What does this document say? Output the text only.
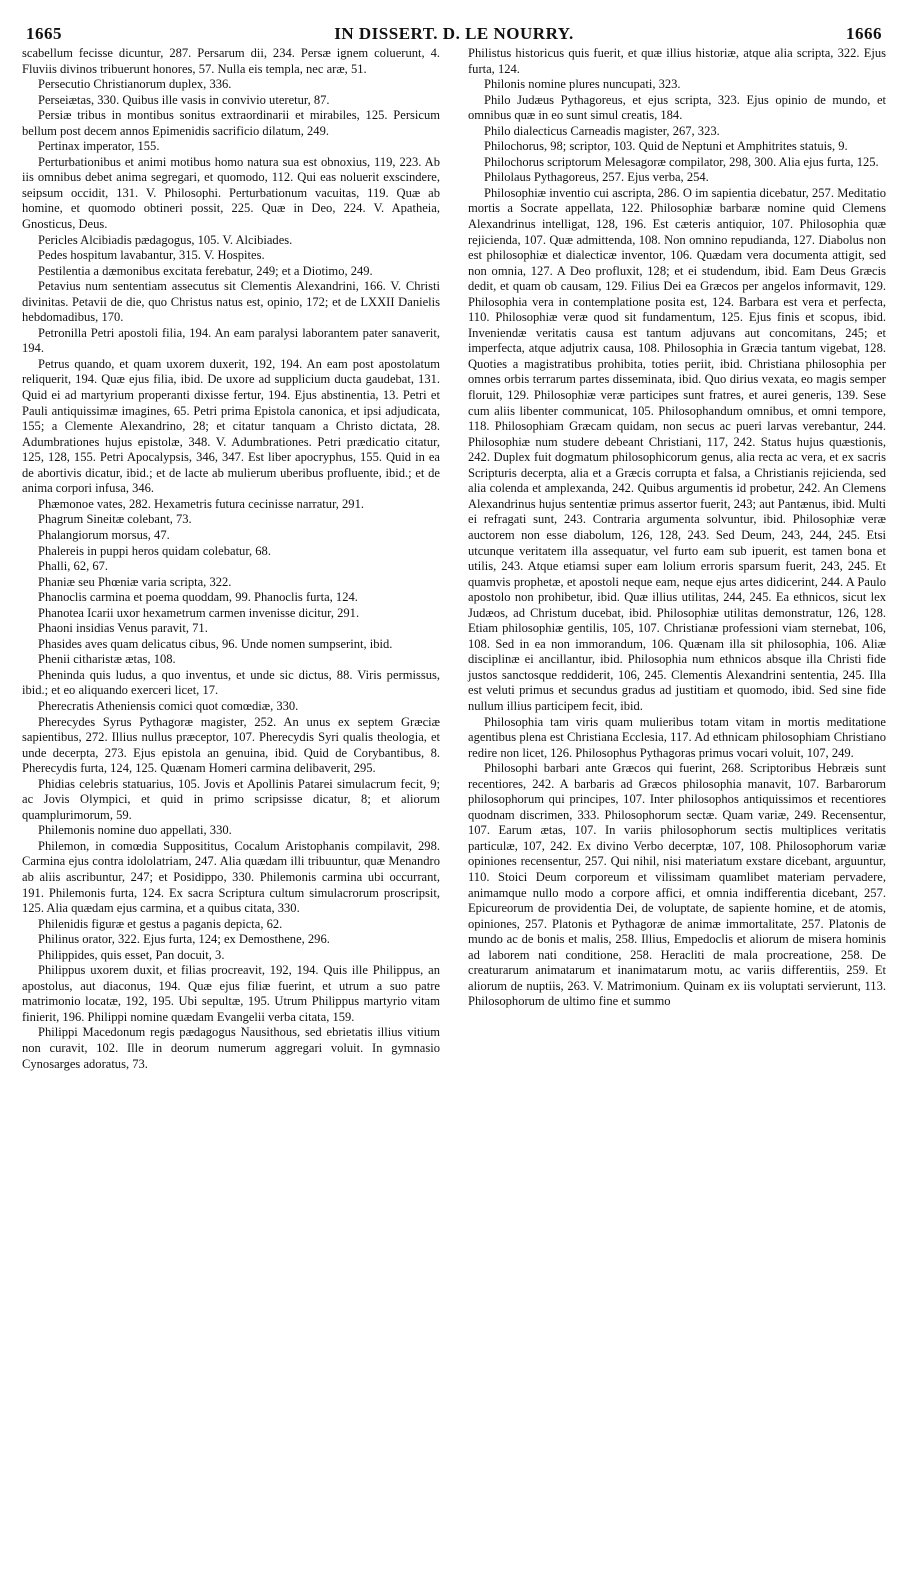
1665	IN DISSERT. D. LE NOURRY.	1666

scabellum fecisse dicuntur, 287. Persarum dii, 234. Persæ ignem coluerunt, 4. Fluviis divinos tribuerunt honores, 57. Nulla eis templa, nec aræ, 51.

Persecutio Christianorum duplex, 336.

Perseiætas, 330. Quibus ille vasis in convivio uteretur, 87.

Persiæ tribus in montibus sonitus extraordinarii et mirabiles, 125. Persicum bellum post decem annos Epimenidis sacrificio dilatum, 249.

Pertinax imperator, 155.

Perturbationibus et animi motibus homo natura sua est obnoxius, 119, 223. Ab iis omnibus debet anima segregari, et quomodo, 112. Qui eas noluerit exscindere, seipsum occidit, 131. V. Philosophi. Perturbationum vacuitas, 119. Quæ ab homine, et quomodo obtineri possit, 225. Quæ in Deo, 224. V. Apatheia, Gnosticus, Deus.

Pericles Alcibiadis pædagogus, 105. V. Alcibiades.

Pedes hospitum lavabantur, 315. V. Hospites.

Pestilentia a dæmonibus excitata ferebatur, 249; et a Diotimo, 249.

Petavius num sententiam assecutus sit Clementis Alexandrini, 166. V. Christi divinitas. Petavii de die, quo Christus natus est, opinio, 172; et de LXXII Danielis hebdomadibus, 170.

Petronilla Petri apostoli filia, 194. An eam paralysi laborantem pater sanaverit, 194.

Petrus quando, et quam uxorem duxerit, 192, 194. An eam post apostolatum reliquerit, 194. Quæ ejus filia, ibid. De uxore ad supplicium ducta gaudebat, 131. Quid ei ad martyrium properanti dixisse fertur, 194. Ejus abstinentia, 13. Petri et Pauli antiquissimæ imagines, 65. Petri prima Epistola canonica, et ipsi adjudicata, 155; a Clemente Alexandrino, 28; et citatur tanquam a Christo dictata, 28. Adumbrationes hujus epistolæ, 348. V. Adumbrationes. Petri prædicatio citatur, 125, 128, 155. Petri Apocalypsis, 346, 347. Est liber apocryphus, 155. Quid in ea de abortivis dicatur, ibid.; et de lacte ab mulierum uberibus profluente, ibid.; et de anima corpori infusa, 346.

Phæmonoe vates, 282. Hexametris futura cecinisse narratur, 291.

Phagrum Sineitæ colebant, 73.

Phalangiorum morsus, 47.

Phalereis in puppi heros quidam colebatur, 68.

Phalli, 62, 67.

Phaniæ seu Phœniæ varia scripta, 322.

Phanoclis carmina et poema quoddam, 99. Phanoclis furta, 124.

Phanotea Icarii uxor hexametrum carmen invenisse dicitur, 291.

Phaoni insidias Venus paravit, 71.

Phasides aves quam delicatus cibus, 96. Unde nomen sumpserint, ibid.

Phenii citharistæ ætas, 108.

Pheninda quis ludus, a quo inventus, et unde sic dictus, 88. Viris permissus, ibid.; et eo aliquando exerceri licet, 17.

Pherecratis Atheniensis comici quot comœdiæ, 330.

Pherecydes Syrus Pythagoræ magister, 252. An unus ex septem Græciæ sapientibus, 272. Illius nullus præceptor, 107. Pherecydis Syri qualis theologia, et unde decerpta, 273. Ejus epistola an genuina, ibid. Quid de Corybantibus, 8. Pherecydis furta, 124, 125. Quænam Homeri carmina delibaverit, 295.

Phidias celebris statuarius, 105. Jovis et Apollinis Patarei simulacrum fecit, 9; ac Jovis Olympici, et quid in primo scripsisse dicatur, 8; et aliorum quamplurimorum, 59.

Philemonis nomine duo appellati, 330.

Philemon, in comœdia Supposititus, Cocalum Aristophanis compilavit, 298. Carmina ejus contra idololatriam, 247. Alia quædam illi tribuuntur, quæ Menandro ab aliis ascribuntur, 247; et Posidippo, 330. Philemonis carmina ubi occurrant, 191. Philemonis furta, 124. Ex sacra Scriptura cultum simulacrorum proscripsit, 125. Alia quædam ejus carmina, et a quibus citata, 330.

Philenidis figuræ et gestus a paganis depicta, 62.

Philinus orator, 322. Ejus furta, 124; ex Demosthene, 296.

Philippides, quis esset, Pan docuit, 3.

Philippus uxorem duxit, et filias procreavit, 192, 194. Quis ille Philippus, an apostolus, aut diaconus, 194. Quæ ejus filiæ fuerint, et utrum a suo patre matrimonio locatæ, 192, 195. Ubi sepultæ, 195. Utrum Philippus martyrio vitam finierit, 196. Philippi nomine quædam Evangelii verba citata, 159.

Philippi Macedonum regis pædagogus Nausithous, sed ebrietatis illius vitium non curavit, 102. Ille in deorum numerum aggregari voluit. In gymnasio Cynosarges adoratus, 73.

Philistus historicus quis fuerit, et quæ illius historiæ, atque alia scripta, 322. Ejus furta, 124.

Philonis nomine plures nuncupati, 323.

Philo Judæus Pythagoreus, et ejus scripta, 323. Ejus opinio de mundo, et omnibus quæ in eo sunt simul creatis, 184.

Philo dialecticus Carneadis magister, 267, 323.

Philochorus, 98; scriptor, 103. Quid de Neptuni et Amphitrites statuis, 9.

Philochorus scriptorum Melesagoræ compilator, 298, 300. Alia ejus furta, 125.

Philolaus Pythagoreus, 257. Ejus verba, 254.

Philosophiæ inventio cui ascripta, 286. O im sapientia dicebatur, 257. Meditatio mortis a Socrate appellata, 122. Philosophiæ barbaræ nomine quid Clemens Alexandrinus intelligat, 128, 196. Est cæteris antiquior, 107. Philosophia quæ rejicienda, 107. Quæ admittenda, 108. Non omnino repudianda, 127. Diabolus non est philosophiæ et dialecticæ inventor, 106. Quædam vera documenta attigit, sed non omnia, 127. A Deo profluxit, 128; et ei studendum, ibid. Eam Deus Græcis dedit, et quam ob causam, 129. Filius Dei ea Græcos per angelos informavit, 129. Philosophia vera in contemplatione posita est, 124. Barbara est vera et perfecta, 110. Philosophiæ veræ quod sit fundamentum, 125. Ejus finis et scopus, ibid. Inveniendæ veritatis causa est tantum adjuvans aut concomitans, 245; et imperfecta, atque adjutrix causa, 108. Philosophia in Græcia tantum vigebat, 128. Quoties a magistratibus prohibita, toties periit, ibid. Christiana philosophia per omnes orbis terrarum partes disseminata, ibid. Quo dirius vexata, eo magis semper floruit, 129. Philosophiæ veræ participes sunt fratres, et aurei generis, 139. Sese cum aliis libenter communicat, 105. Philosophandum omnibus, et omni tempore, 118. Philosophiam Græcam quidam, non secus ac pueri larvas verebantur, 244. Philosophiæ num studere debeant Christiani, 117, 242. Status hujus quæstionis, 242. Duplex fuit dogmatum philosophicorum genus, alia recta ac vera, et ex sacris Scripturis decerpta, alia et a Græcis corrupta et falsa, a Christianis rejicienda, sed alia colenda et amplexanda, 242. Quibus argumentis id probetur, 242. An Clemens Alexandrinus hujus sententiæ primus assertor fuerit, 243; aut Pantænus, ibid. Multi ei refragati sunt, 243. Contraria argumenta solvuntur, ibid. Philosophiæ veræ auctorem non esse diabolum, 126, 128, 243. Sed Deum, 243, 244, 245. Etsi utcunque veritatem illa assequatur, vel furto eam sub ipuerit, est tamen bona et utilis, 243. Atque etiamsi super eam lolium erroris sparsum fuerit, 243, 245. Et quamvis prophetæ, et apostoli neque eam, neque ejus artes didicerint, 244. A Paulo apostolo non prohibetur, ibid. Quæ illius utilitas, 244, 245. Ea ethnicos, sicut lex Judæos, ad Christum ducebat, ibid. Philosophiæ utilitas demonstratur, 126, 128. Etiam philosophiæ gentilis, 105, 107. Christianæ professioni viam sternebat, 106, 108. Sed in ea non immorandum, 106. Quænam illa sit philosophia, 106. Aliæ disciplinæ ei ancillantur, ibid. Philosophia num ethnicos absque illa Christi fide justos sanctosque reddiderit, 106, 245. Clementis Alexandrini sententia, 245. Illa est veluti primus et secundus gradus ad justitiam et quomodo, ibid. Sed sine fide nullum illius participem fecit, ibid.

Philosophia tam viris quam mulieribus totam vitam in mortis meditatione agentibus plena est Christiana Ecclesia, 117. Ad ethnicam philosophiam Christiano redire non licet, 126. Philosophus Pythagoras primus vocari voluit, 107, 249.

Philosophi barbari ante Græcos qui fuerint, 268. Scriptoribus Hebræis sunt recentiores, 242. A barbaris ad Græcos philosophia manavit, 107. Barbarorum philosophorum qui principes, 107. Inter philosophos antiquissimos et recentiores quodnam discrimen, 333. Philosophorum sectæ. Quam variæ, 249. Recensentur, 107. Earum ætas, 107. In variis philosophorum sectis multiplices veritatis particulæ, 107, 242. Ex divino Verbo decerptæ, 107, 108. Philosophorum variæ opiniones recensentur, 257. Qui nihil, nisi materiatum exstare dicebant, arguuntur, 110. Stoici Deum corporeum et vilissimam quamlibet materiam pervadere, animamque nullo modo a corpore affici, et omnia indifferentia dicebant, 257. Epicureorum de providentia Dei, de voluptate, de sapiente homine, et de atomis, opiniones, 257. Platonis et Pythagoræ de animæ immortalitate, 257. Platonis de mundo ac de bonis et malis, 258. Illius, Empedoclis et aliorum de misera hominis ad laborem nati conditione, 258. Heracliti de mala procreatione, 258. De creaturarum animatarum et inanimatarum motu, ac variis differentiis, 259. Et aliorum de nuptiis, 263. V. Matrimonium. Quinam ex iis voluptati servierunt, 113. Philosophorum de ultimo fine et summo
